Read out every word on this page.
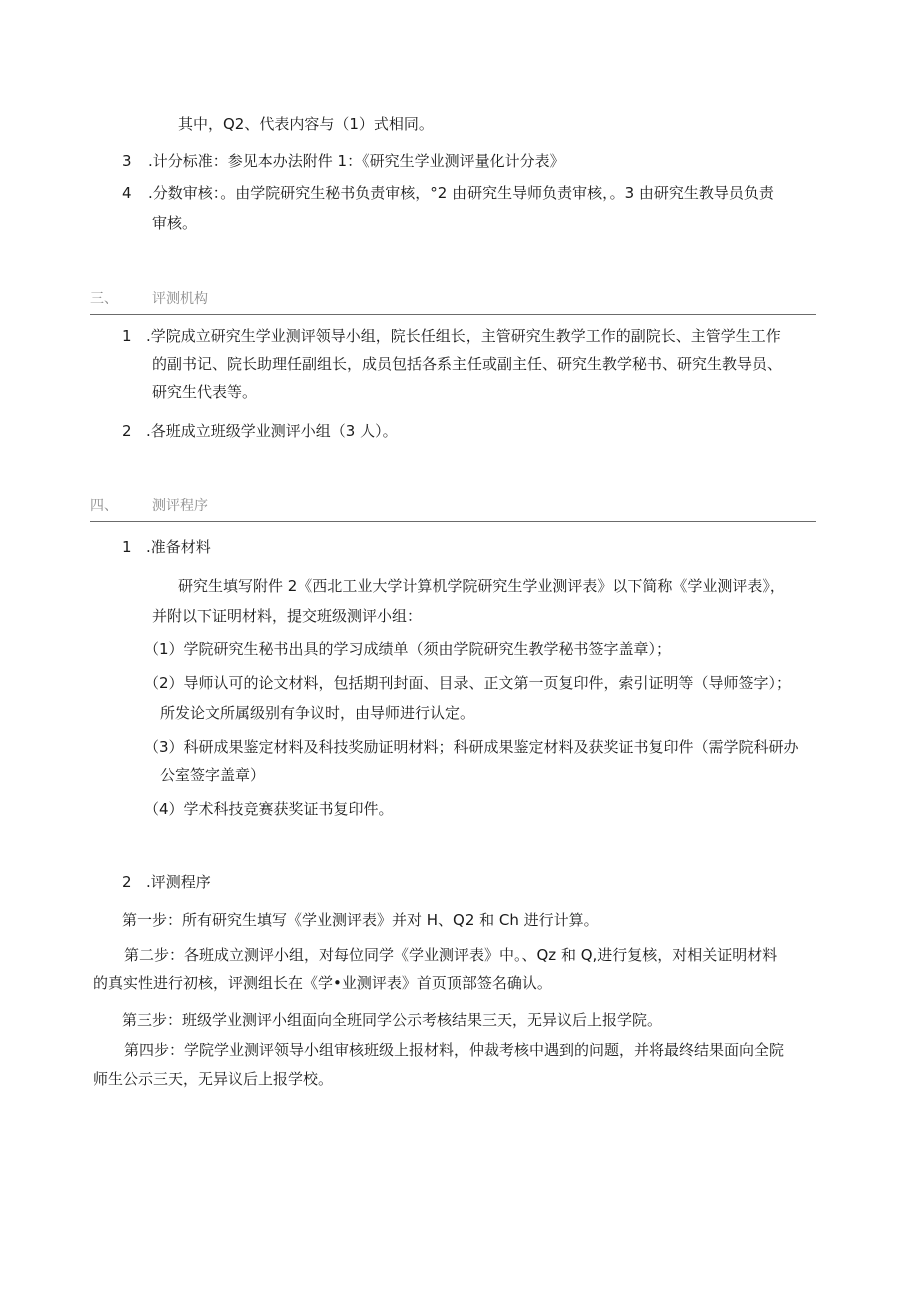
其中，Q2、代表内容与（1）式相同。
3 .计分标准：参见本办法附件 1：《研究生学业测评量化计分表》
4 .分数审核：。由学院研究生秘书负责审核，°2 由研究生导师负责审核，。3 由研究生教导员负责
审核。
三、 评测机构
1 .学院成立研究生学业测评领导小组，院长任组长，主管研究生教学工作的副院长、主管学生工作
的副书记、院长助理任副组长，成员包括各系主任或副主任、研究生教学秘书、研究生教导员、
研究生代表等。
2 .各班成立班级学业测评小组（3 人）。
四、 测评程序
1 .准备材料
研究生填写附件 2《西北工业大学计算机学院研究生学业测评表》以下简称《学业测评表》，
并附以下证明材料，提交班级测评小组：
（1）学院研究生秘书出具的学习成绩单（须由学院研究生教学秘书签字盖章）；
（2）导师认可的论文材料，包括期刊封面、目录、正文第一页复印件，索引证明等（导师签字）；
所发论文所属级别有争议时，由导师进行认定。
（3）科研成果鉴定材料及科技奖励证明材料；科研成果鉴定材料及获奖证书复印件（需学院科研办
公室签字盖章）
（4）学术科技竞赛获奖证书复印件。
2 .评测程序
第一步：所有研究生填写《学业测评表》并对 H、Q2 和 Ch 进行计算。
第二步：各班成立测评小组，对每位同学《学业测评表》中。、Qz 和 Q,进行复核，对相关证明材料
的真实性进行初核，评测组长在《学•业测评表》首页顶部签名确认。
第三步：班级学业测评小组面向全班同学公示考核结果三天，无异议后上报学院。
第四步：学院学业测评领导小组审核班级上报材料，仲裁考核中遇到的问题，并将最终结果面向全院
师生公示三天，无异议后上报学校。
